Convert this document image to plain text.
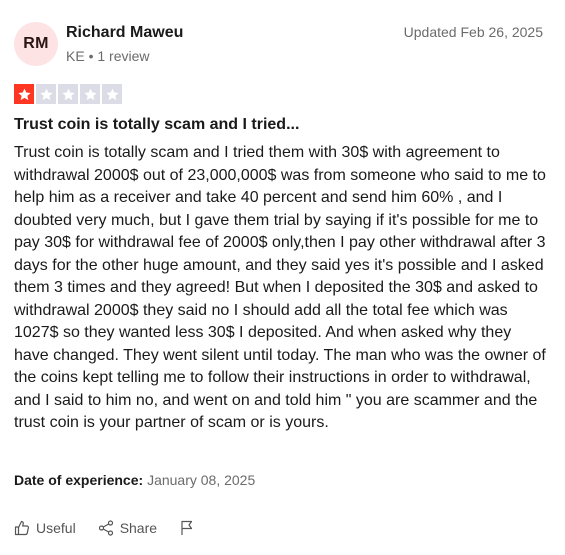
RM
Richard Maweu
KE • 1 review
Updated Feb 26, 2025
Trust coin is totally scam and I tried...

Trust coin is totally scam and I tried them with 30$ with agreement to withdrawal 2000$ out of 23,000,000$ was from someone who said to me to help him as a receiver and take 40 percent and send him 60% , and I doubted very much, but I gave them trial by saying if it's possible for me to pay 30$ for withdrawal fee of 2000$ only,then I pay other withdrawal after 3 days for the other huge amount, and they said yes it's possible and I asked them 3 times and they agreed! But when I deposited the 30$ and asked to withdrawal 2000$ they said no I should add all the total fee which was 1027$ so they wanted less 30$ I deposited. And when asked why they have changed. They went silent until today. The man who was the owner of the coins kept telling me to follow their instructions in order to withdrawal, and I said to him no, and went on and told him " you are scammer and the trust coin is your partner of scam or is yours.

Date of experience: January 08, 2025
Useful	Share
